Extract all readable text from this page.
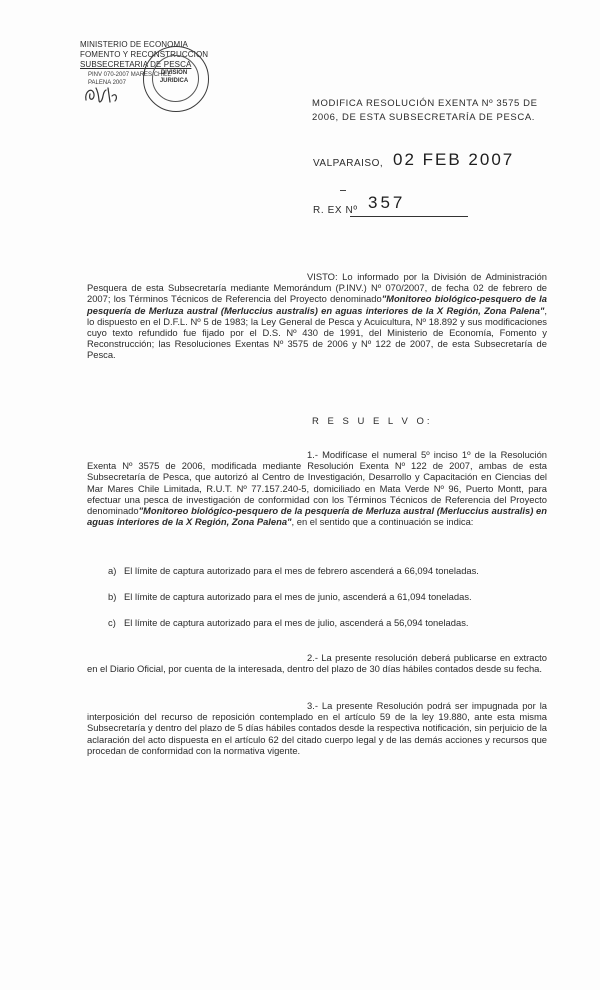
MINISTERIO DE ECONOMIA
FOMENTO Y RECONSTRUCCION
SUBSECRETARIA DE PESCA
PINV 070-2007 MARES CHILE
PALENA 2007
DIVISION
JURIDICA
MODIFICA RESOLUCIÓN EXENTA Nº 3575 DE 2006, DE ESTA SUBSECRETARÍA DE PESCA.
VALPARAISO, 02 FEB 2007
R. EX Nº 357
VISTO: Lo informado por la División de Administración Pesquera de esta Subsecretaría mediante Memorándum (P.INV.) Nº 070/2007, de fecha 02 de febrero de 2007; los Términos Técnicos de Referencia del Proyecto denominado"Monitoreo biológico-pesquero de la pesquería de Merluza austral (Merluccius australis) en aguas interiores de la X Región, Zona Palena", lo dispuesto en el D.F.L. Nº 5 de 1983; la Ley General de Pesca y Acuicultura, Nº 18.892 y sus modificaciones cuyo texto refundido fue fijado por el D.S. Nº 430 de 1991, del Ministerio de Economía, Fomento y Reconstrucción; las Resoluciones Exentas Nº 3575 de 2006 y Nº 122 de 2007, de esta Subsecretaría de Pesca.
R E S U E L V O:
1.- Modifícase el numeral 5º inciso 1º de la Resolución Exenta Nº 3575 de 2006, modificada mediante Resolución Exenta Nº 122 de 2007, ambas de esta Subsecretaría de Pesca, que autorizó al Centro de Investigación, Desarrollo y Capacitación en Ciencias del Mar Mares Chile Limitada, R.U.T. Nº 77.157.240-5, domiciliado en Mata Verde Nº 96, Puerto Montt, para efectuar una pesca de investigación de conformidad con los Términos Técnicos de Referencia del Proyecto denominado"Monitoreo biológico-pesquero de la pesquería de Merluza austral (Merluccius australis) en aguas interiores de la X Región, Zona Palena", en el sentido que a continuación se indica:
a) El límite de captura autorizado para el mes de febrero ascenderá a 66,094 toneladas.
b) El límite de captura autorizado para el mes de junio, ascenderá a 61,094 toneladas.
c) El límite de captura autorizado para el mes de julio, ascenderá a 56,094 toneladas.
2.- La presente resolución deberá publicarse en extracto en el Diario Oficial, por cuenta de la interesada, dentro del plazo de 30 días hábiles contados desde su fecha.
3.- La presente Resolución podrá ser impugnada por la interposición del recurso de reposición contemplado en el artículo 59 de la ley 19.880, ante esta misma Subsecretaría y dentro del plazo de 5 días hábiles contados desde la respectiva notificación, sin perjuicio de la aclaración del acto dispuesta en el artículo 62 del citado cuerpo legal y de las demás acciones y recursos que procedan de conformidad con la normativa vigente.
